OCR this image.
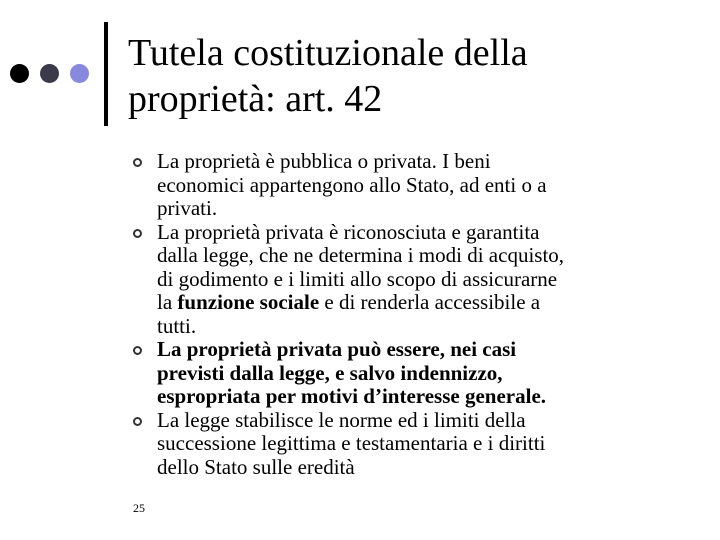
Tutela costituzionale della
proprietà: art. 42
La proprietà è pubblica o privata. I beni
economici appartengono allo Stato, ad enti o a
privati.
La proprietà privata è riconosciuta e garantita
dalla legge, che ne determina i modi di acquisto,
di godimento e i limiti allo scopo di assicurarne
la funzione sociale e di renderla accessibile a
tutti.
La proprietà privata può essere, nei casi
previsti dalla legge, e salvo indennizzo,
espropriata per motivi d’interesse generale.
La legge stabilisce le norme ed i limiti della
successione legittima e testamentaria e i diritti
dello Stato sulle eredità
25
